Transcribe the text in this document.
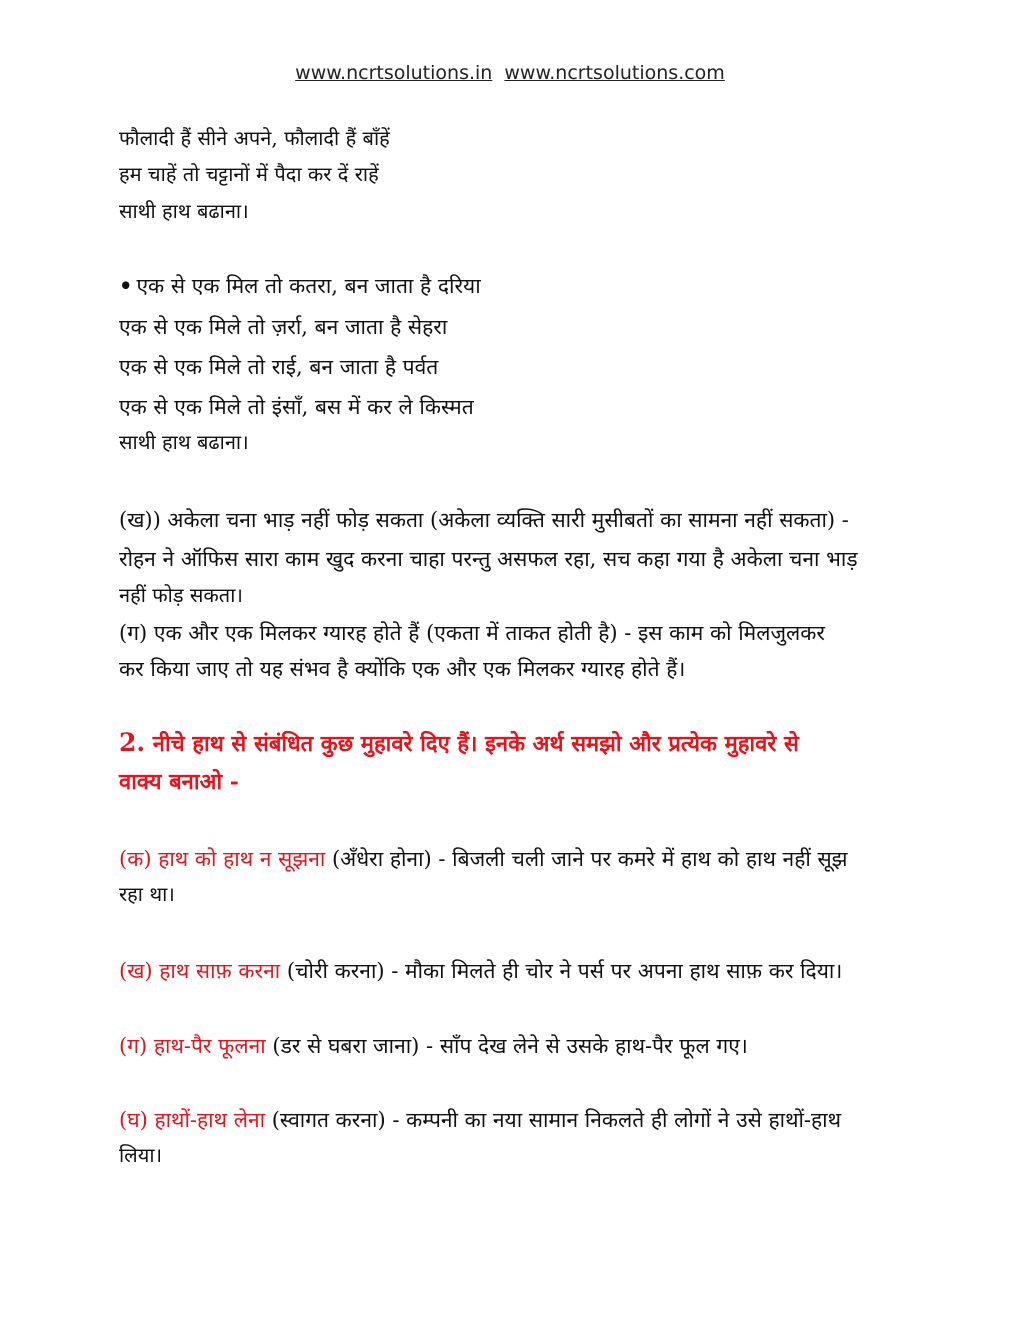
www.ncrtsolutions.in www.ncrtsolutions.com
फौलादी हैं सीने अपने, फौलादी हैं बाँहें
हम चाहें तो चट्टानों में पैदा कर दें राहें
साथी हाथ बढाना।
• एक से एक मिल तो कतरा, बन जाता है दरिया
एक से एक मिले तो ज़र्रा, बन जाता है सेहरा
एक से एक मिले तो राई, बन जाता है पर्वत
एक से एक मिले तो इंसाँ, बस में कर ले किस्मत
साथी हाथ बढाना।
(ख)) अकेला चना भाड़ नहीं फोड़ सकता (अकेला व्यक्ति सारी मुसीबतों का सामना नहीं सकता) -
रोहन ने ऑफिस सारा काम खुद करना चाहा परन्तु असफल रहा, सच कहा गया है अकेला चना भाड़
नहीं फोड़ सकता।
(ग) एक और एक मिलकर ग्यारह होते हैं (एकता में ताकत होती है) - इस काम को मिलजुलकर
कर किया जाए तो यह संभव है क्योंकि एक और एक मिलकर ग्यारह होते हैं।
2. नीचे हाथ से संबंधित कुछ मुहावरे दिए हैं। इनके अर्थ समझो और प्रत्येक मुहावरे से
वाक्य बनाओ -
(क) हाथ को हाथ न सूझना (अँधेरा होना) - बिजली चली जाने पर कमरे में हाथ को हाथ नहीं सूझ
रहा था।
(ख) हाथ साफ़ करना (चोरी करना) - मौका मिलते ही चोर ने पर्स पर अपना हाथ साफ़ कर दिया।
(ग) हाथ-पैर फूलना (डर से घबरा जाना) - साँप देख लेने से उसके हाथ-पैर फूल गए।
(घ) हाथों-हाथ लेना (स्वागत करना) - कम्पनी का नया सामान निकलते ही लोगों ने उसे हाथों-हाथ
लिया।
